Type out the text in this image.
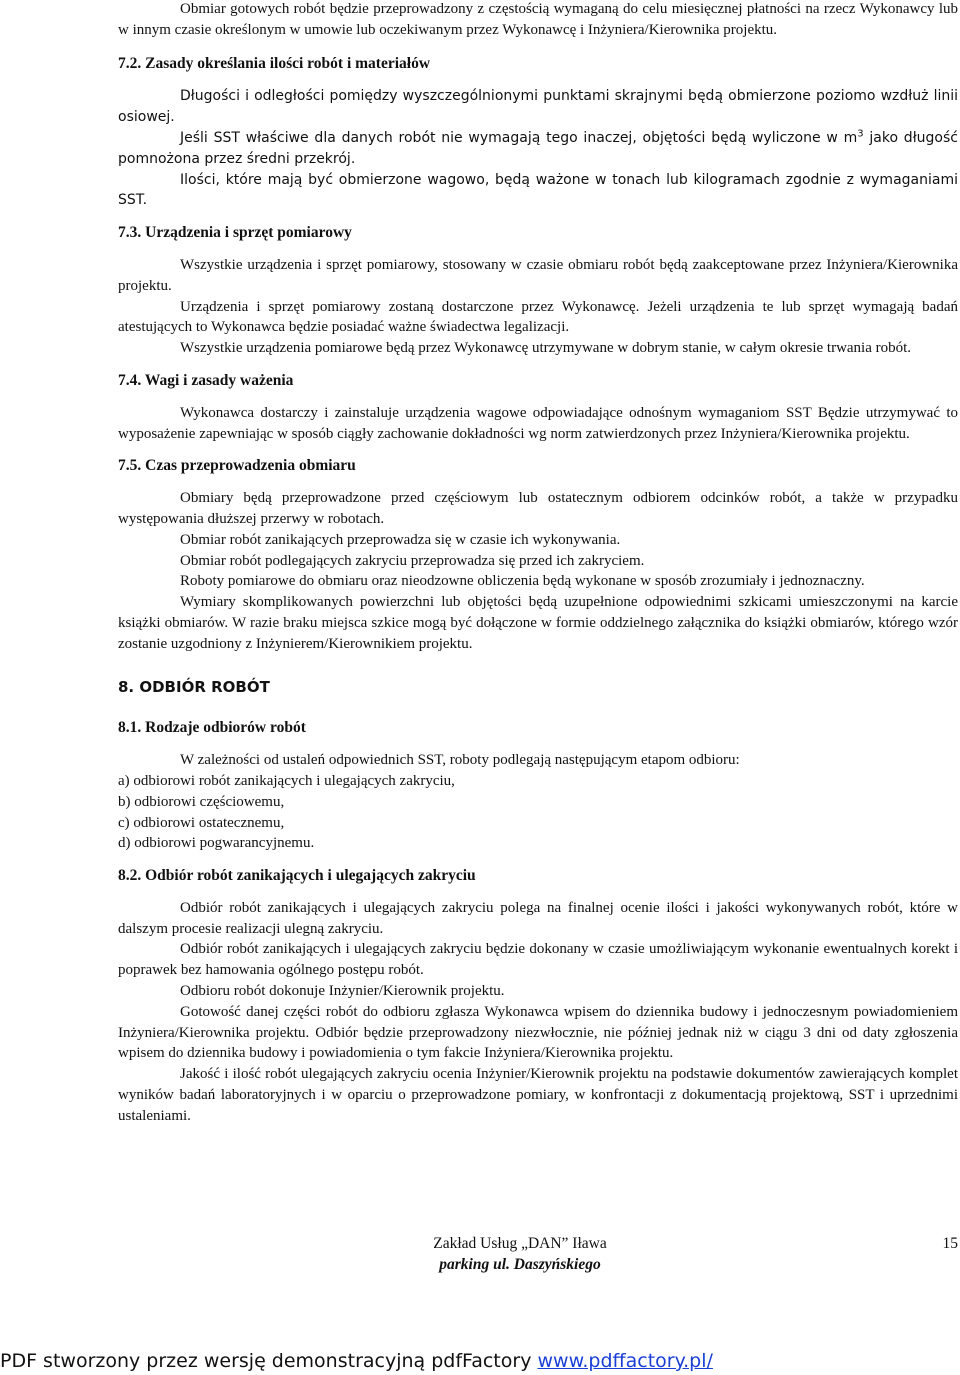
Obmiar gotowych robót będzie przeprowadzony z częstością wymaganą do celu miesięcznej płatności na rzecz Wykonawcy lub w innym czasie określonym w umowie lub oczekiwanym przez Wykonawcę i Inżyniera/Kierownika projektu.

7.2. Zasady określania ilości robót i materiałów

Długości i odległości pomiędzy wyszczególnionymi punktami skrajnymi będą obmierzone poziomo wzdłuż linii osiowej.

Jeśli SST właściwe dla danych robót nie wymagają tego inaczej, objętości będą wyliczone w $m^3$ jako długość pomnożona przez średni przekrój.

Ilości, które mają być obmierzone wagowo, będą ważone w tonach lub kilogramach zgodnie z wymaganiami SST.

7.3. Urządzenia i sprzęt pomiarowy

Wszystkie urządzenia i sprzęt pomiarowy, stosowany w czasie obmiaru robót będą zaakceptowane przez Inżyniera/Kierownika projektu.

Urządzenia i sprzęt pomiarowy zostaną dostarczone przez Wykonawcę. Jeżeli urządzenia te lub sprzęt wymagają badań atestujących to Wykonawca będzie posiadać ważne świadectwa legalizacji.

Wszystkie urządzenia pomiarowe będą przez Wykonawcę utrzymywane w dobrym stanie, w całym okresie trwania robót.

7.4. Wagi i zasady ważenia

Wykonawca dostarczy i zainstaluje urządzenia wagowe odpowiadające odnośnym wymaganiom SST Będzie utrzymywać to wyposażenie zapewniając w sposób ciągły zachowanie dokładności wg norm zatwierdzonych przez Inżyniera/Kierownika projektu.

7.5. Czas przeprowadzenia obmiaru

Obmiary będą przeprowadzone przed częściowym lub ostatecznym odbiorem odcinków robót, a także w przypadku występowania dłuższej przerwy w robotach.

Obmiar robót zanikających przeprowadza się w czasie ich wykonywania.

Obmiar robót podlegających zakryciu przeprowadza się przed ich zakryciem.

Roboty pomiarowe do obmiaru oraz nieodzowne obliczenia będą wykonane w sposób zrozumiały i jednoznaczny.

Wymiary skomplikowanych powierzchni lub objętości będą uzupełnione odpowiednimi szkicami umieszczonymi na karcie książki obmiarów. W razie braku miejsca szkice mogą być dołączone w formie oddzielnego załącznika do książki obmiarów, którego wzór zostanie uzgodniony z Inżynierem/Kierownikiem projektu.

8. ODBIÓR ROBÓT

8.1. Rodzaje odbiorów robót

W zależności od ustaleń odpowiednich SST, roboty podlegają następującym etapom odbioru:

a) odbiorowi robót zanikających i ulegających zakryciu,

b) odbiorowi częściowemu,

c) odbiorowi ostatecznemu,

d) odbiorowi pogwarancyjnemu.

8.2. Odbiór robót zanikających i ulegających zakryciu

Odbiór robót zanikających i ulegających zakryciu polega na finalnej ocenie ilości i jakości wykonywanych robót, które w dalszym procesie realizacji ulegną zakryciu.

Odbiór robót zanikających i ulegających zakryciu będzie dokonany w czasie umożliwiającym wykonanie ewentualnych korekt i poprawek bez hamowania ogólnego postępu robót.

Odbioru robót dokonuje Inżynier/Kierownik projektu.

Gotowość danej części robót do odbioru zgłasza Wykonawca wpisem do dziennika budowy i jednoczesnym powiadomieniem Inżyniera/Kierownika projektu. Odbiór będzie przeprowadzony niezwłocznie, nie później jednak niż w ciągu 3 dni od daty zgłoszenia wpisem do dziennika budowy i powiadomienia o tym fakcie Inżyniera/Kierownika projektu.

Jakość i ilość robót ulegających zakryciu ocenia Inżynier/Kierownik projektu na podstawie dokumentów zawierających komplet wyników badań laboratoryjnych i w oparciu o przeprowadzone pomiary, w konfrontacji z dokumentacją projektową, SST i uprzednimi ustaleniami.

Zakład Usług „DAN” Iława
parking ul. Daszyńskiego
15
PDF stworzony przez wersję demonstracyjną pdfFactory www.pdffactory.pl/
